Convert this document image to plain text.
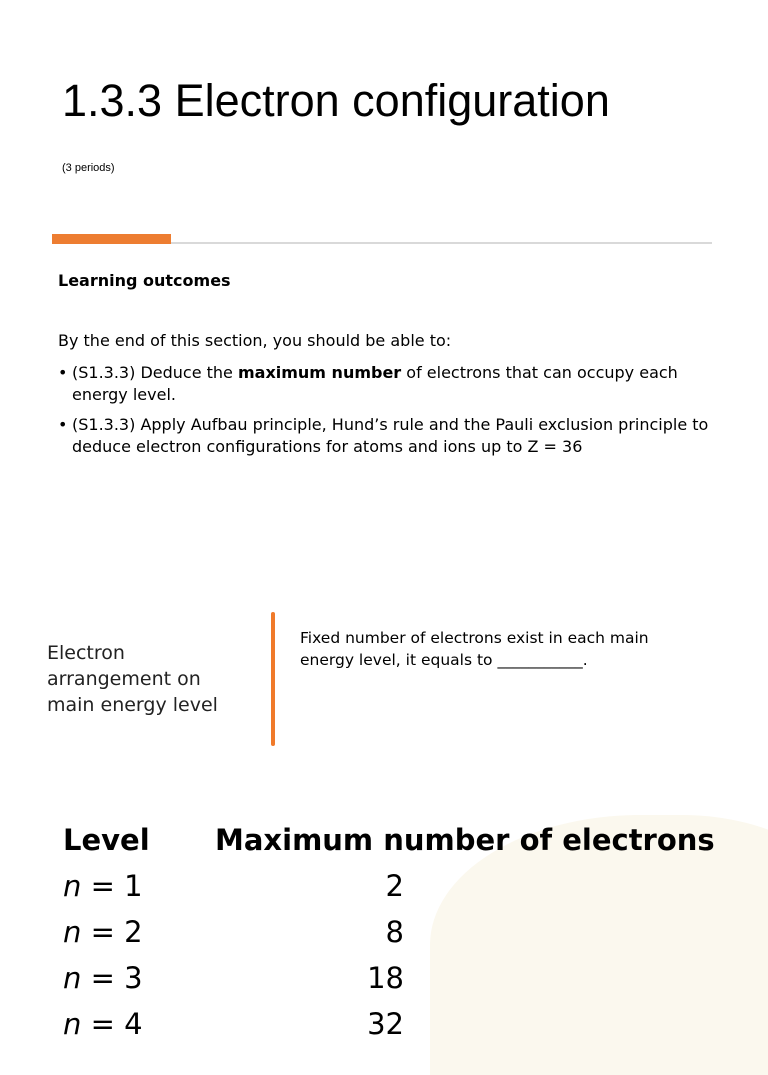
1.3.3 Electron configuration
(3 periods)
Learning outcomes
By the end of this section, you should be able to:
• (S1.3.3) Deduce the maximum number of electrons that can occupy each energy level.
• (S1.3.3) Apply Aufbau principle, Hund’s rule and the Pauli exclusion principle to deduce electron configurations for atoms and ions up to Z = 36
Electron arrangement on main energy level
Fixed number of electrons exist in each main energy level, it equals to ___________.
Level Maximum number of electrons
n = 1	2
n = 2	8
n = 3	18
n = 4	32
